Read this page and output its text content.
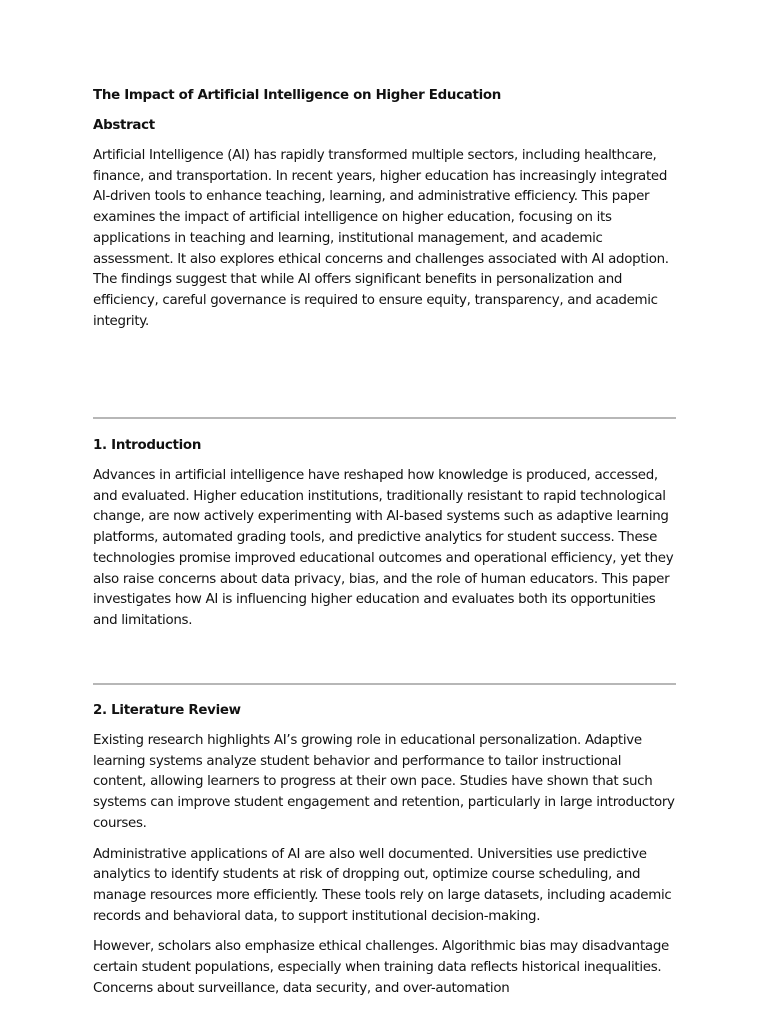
The Impact of Artificial Intelligence on Higher Education
Abstract

Artificial Intelligence (AI) has rapidly transformed multiple sectors, including healthcare, finance, and transportation. In recent years, higher education has increasingly integrated AI-driven tools to enhance teaching, learning, and administrative efficiency. This paper examines the impact of artificial intelligence on higher education, focusing on its applications in teaching and learning, institutional management, and academic assessment. It also explores ethical concerns and challenges associated with AI adoption. The findings suggest that while AI offers significant benefits in personalization and efficiency, careful governance is required to ensure equity, transparency, and academic integrity.

1. Introduction

Advances in artificial intelligence have reshaped how knowledge is produced, accessed, and evaluated. Higher education institutions, traditionally resistant to rapid technological change, are now actively experimenting with AI-based systems such as adaptive learning platforms, automated grading tools, and predictive analytics for student success. These technologies promise improved educational outcomes and operational efficiency, yet they also raise concerns about data privacy, bias, and the role of human educators. This paper investigates how AI is influencing higher education and evaluates both its opportunities and limitations.

2. Literature Review

Existing research highlights AI’s growing role in educational personalization. Adaptive learning systems analyze student behavior and performance to tailor instructional content, allowing learners to progress at their own pace. Studies have shown that such systems can improve student engagement and retention, particularly in large introductory courses.

Administrative applications of AI are also well documented. Universities use predictive analytics to identify students at risk of dropping out, optimize course scheduling, and manage resources more efficiently. These tools rely on large datasets, including academic records and behavioral data, to support institutional decision-making.

However, scholars also emphasize ethical challenges. Algorithmic bias may disadvantage certain student populations, especially when training data reflects historical inequalities. Concerns about surveillance, data security, and over-automation
